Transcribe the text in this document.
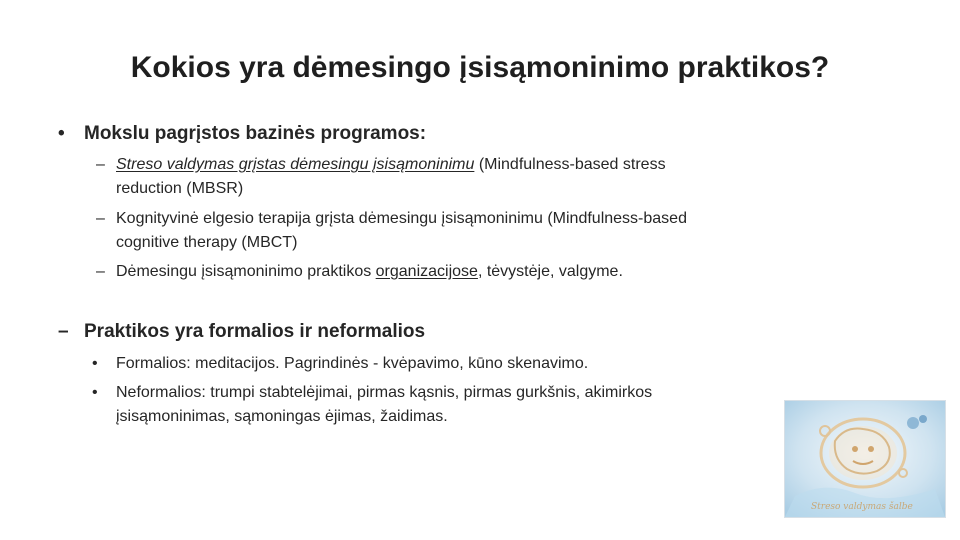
Kokios yra dėmesingo įsisąmoninimo praktikos?
• Mokslu pagrįstos bazinės programos:
– Streso valdymas grįstas dėmesingu įsisąmoninimu (Mindfulness-based stress
reduction (MBSR)
– Kognityvinė elgesio terapija grįsta dėmesingu įsisąmoninimu (Mindfulness-based
cognitive therapy (MBCT)
– Dėmesingu įsisąmoninimo praktikos organizacijose, tėvystėje, valgyme.
– Praktikos yra formalios ir neformalios
• Formalios: meditacijos. Pagrindinės - kvėpavimo, kūno skenavimo.
• Neformalios: trumpi stabtelėjimai, pirmas kąsnis, pirmas gurkšnis, akimirkos
įsisąmoninimas, sąmoningas ėjimas, žaidimas.
Streso valdymas šalbe
